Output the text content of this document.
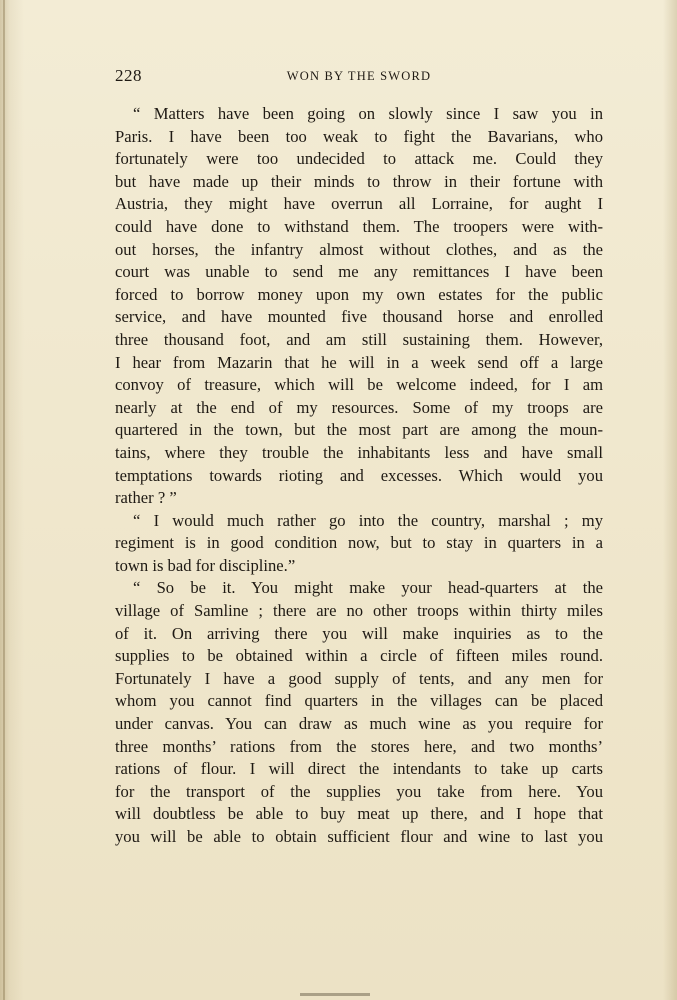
228	WON BY THE SWORD
“ Matters have been going on slowly since I saw you in
Paris. I have been too weak to fight the Bavarians, who
fortunately were too undecided to attack me. Could they
but have made up their minds to throw in their fortune with
Austria, they might have overrun all Lorraine, for aught I
could have done to withstand them. The troopers were with-
out horses, the infantry almost without clothes, and as the
court was unable to send me any remittances I have been
forced to borrow money upon my own estates for the public
service, and have mounted five thousand horse and enrolled
three thousand foot, and am still sustaining them. However,
I hear from Mazarin that he will in a week send off a large
convoy of treasure, which will be welcome indeed, for I am
nearly at the end of my resources. Some of my troops are
quartered in the town, but the most part are among the moun-
tains, where they trouble the inhabitants less and have small
temptations towards rioting and excesses. Which would you
rather ? ”
“ I would much rather go into the country, marshal ; my
regiment is in good condition now, but to stay in quarters in a
town is bad for discipline.”
“ So be it. You might make your head-quarters at the
village of Samline ; there are no other troops within thirty miles
of it. On arriving there you will make inquiries as to the
supplies to be obtained within a circle of fifteen miles round.
Fortunately I have a good supply of tents, and any men for
whom you cannot find quarters in the villages can be placed
under canvas. You can draw as much wine as you require for
three months’ rations from the stores here, and two months’
rations of flour. I will direct the intendants to take up carts
for the transport of the supplies you take from here. You
will doubtless be able to buy meat up there, and I hope that
you will be able to obtain sufficient flour and wine to last you
